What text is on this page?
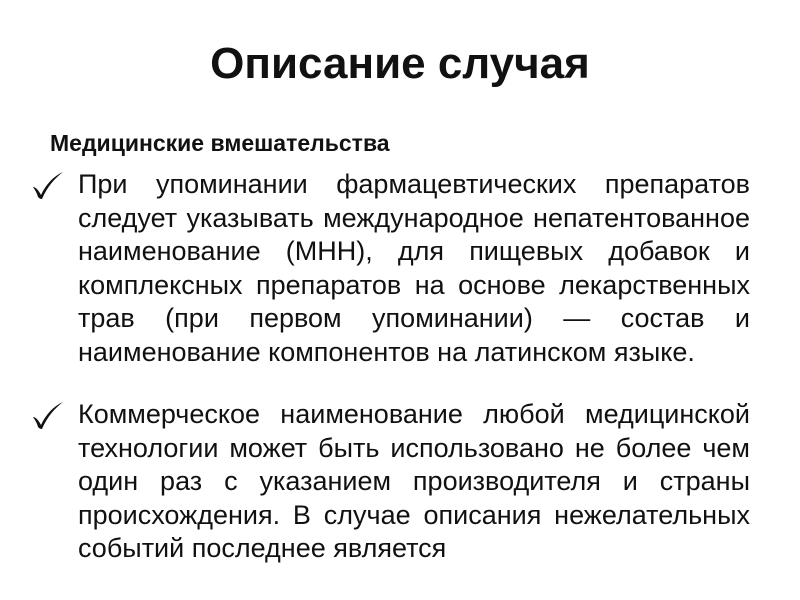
Описание случая
Медицинские вмешательства

При упоминании фармацевтических препаратов следует указывать международное непатентованное наименование (МНН), для пищевых добавок и комплексных препаратов на основе лекарственных трав (при первом упоминании) — состав и наименование компонентов на латинском языке.

Коммерческое наименование любой медицинской технологии может быть использовано не более чем один раз с указанием производителя и страны происхождения. В случае описания нежелательных событий последнее является
